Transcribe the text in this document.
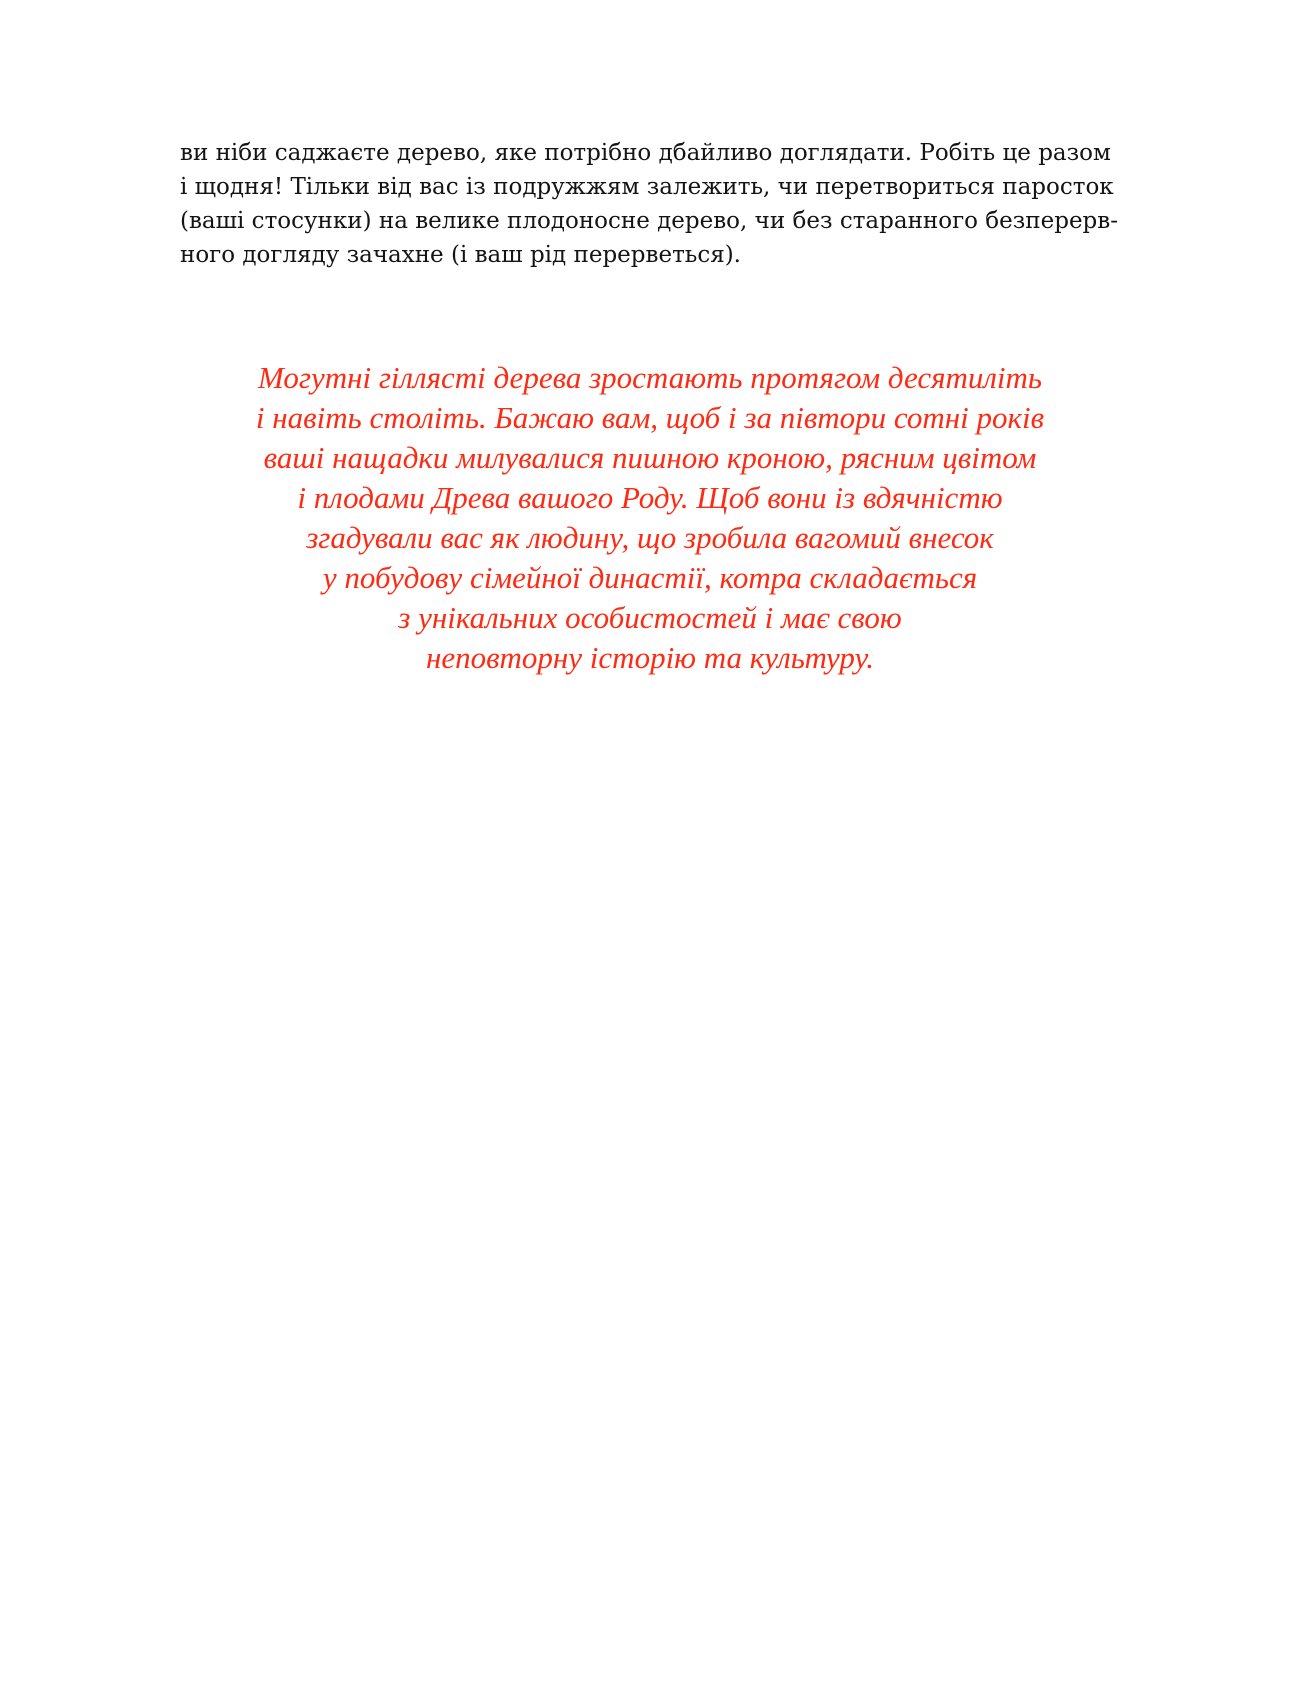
ви ніби саджаєте дерево, яке потрібно дбайливо доглядати. Робіть це разом
і щодня! Тільки від вас із подружжям залежить, чи перетвориться паросток
(ваші стосунки) на велике плодоносне дерево, чи без старанного безперерв-
ного догляду зачахне (і ваш рід перерветься).

Могутні гіллясті дерева зростають протягом десятиліть
і навіть століть. Бажаю вам, щоб і за півтори сотні років
ваші нащадки милувалися пишною кроною, рясним цвітом
і плодами Древа вашого Роду. Щоб вони із вдячністю
згадували вас як людину, що зробила вагомий внесок
у побудову сімейної династії, котра складається
з унікальних особистостей і має свою
неповторну історію та культуру.
